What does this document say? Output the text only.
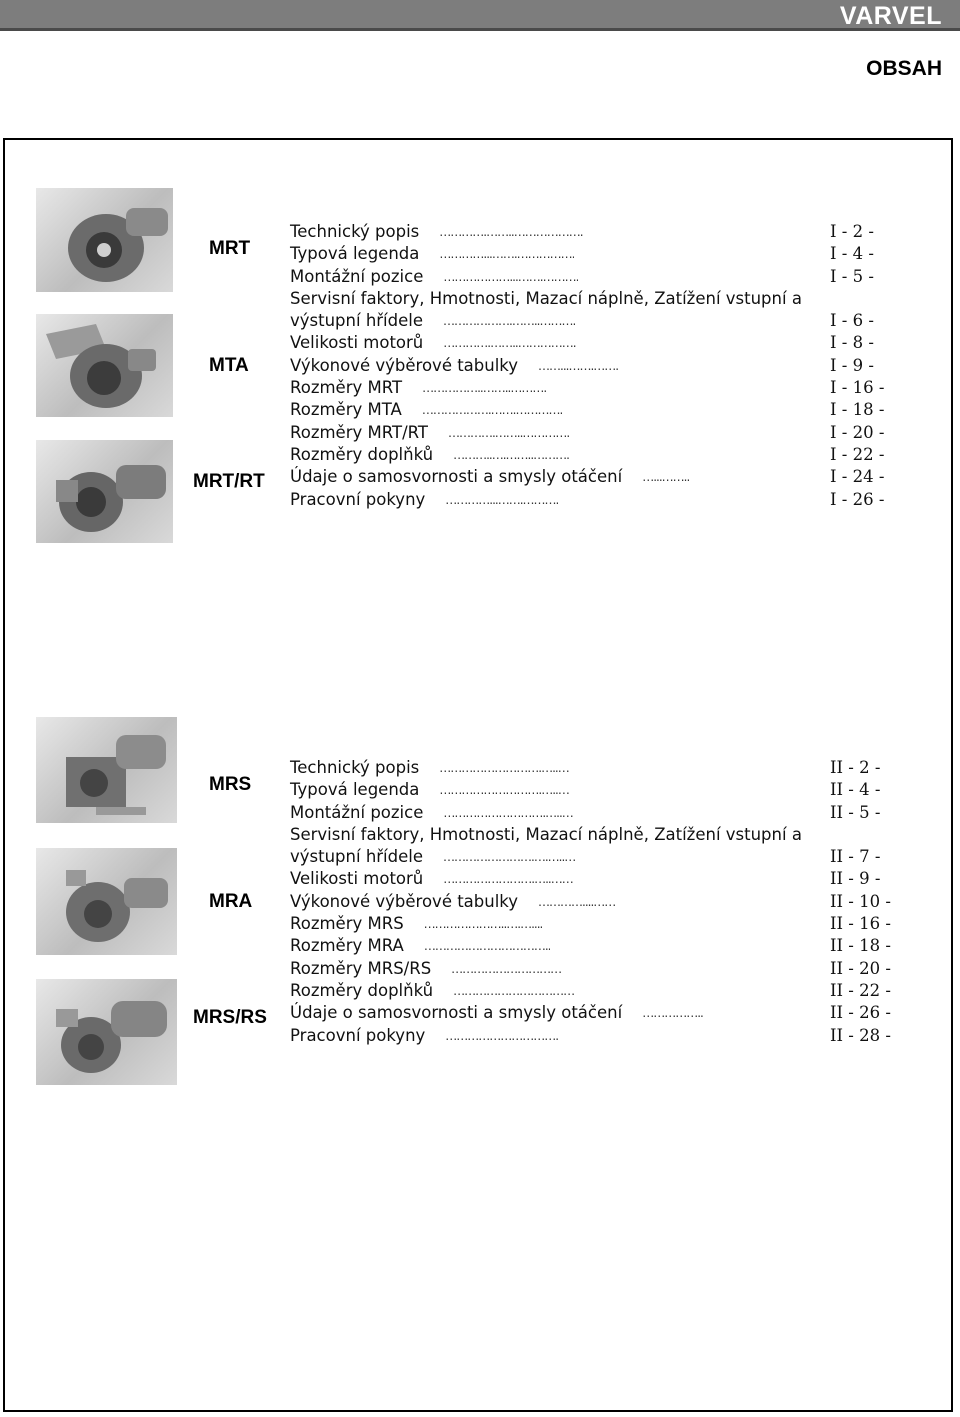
VARVEL
OBSAH
MRT
MTA
MRT/RT
Technický popis	………….……..……………….	I - 2 -
Typová legenda	…………...…….…………….	I - 4 -
Montážní pozice	………………...…….……….	I - 5 -
Servisní faktory, Hmotnosti, Mazací náplně, Zatížení vstupní a
výstupní hřídele	……………….……..……….	I - 6 -
Velikosti motorů	………….……..…………….	I - 8 -
Výkonové výběrové tabulky	……...…….…….	I - 9 -
Rozměry MRT	……………..……..……….	I - 16 -
Rozměry MTA	……………….…….………….	I - 18 -
Rozměry MRT/RT	………….……..………….	I - 20 -
Rozměry doplňků	………..….……..……….	I - 22 -
Údaje o samosvornosti a smysly otáčení	…...……..	I - 24 -
Pracovní pokyny	…………...…….……….	I - 26 -
MRS
MRA
MRS/RS
Technický popis	……………………….…..…	II - 2 -
Typová legenda	……………………….…..…	II - 4 -
Montážní pozice	……………………….…..…	II - 5 -
Servisní faktory, Hmotnosti, Mazací náplně, Zatížení vstupní a
výstupní hřídele	…………………….….…..…	II - 7 -
Velikosti motorů	…………………….…..……	II - 9 -
Výkonové výběrové tabulky	…………....……	II - 10 -
Rozměry MRS	…………………..….…....	II - 16 -
Rozměry MRA	……………………………..	II - 18 -
Rozměry MRS/RS	…………………………	II - 20 -
Rozměry doplňků	……………………………	II - 22 -
Údaje o samosvornosti a smysly otáčení	……………..	II - 26 -
Pracovní pokyny	………………………….	II - 28 -
